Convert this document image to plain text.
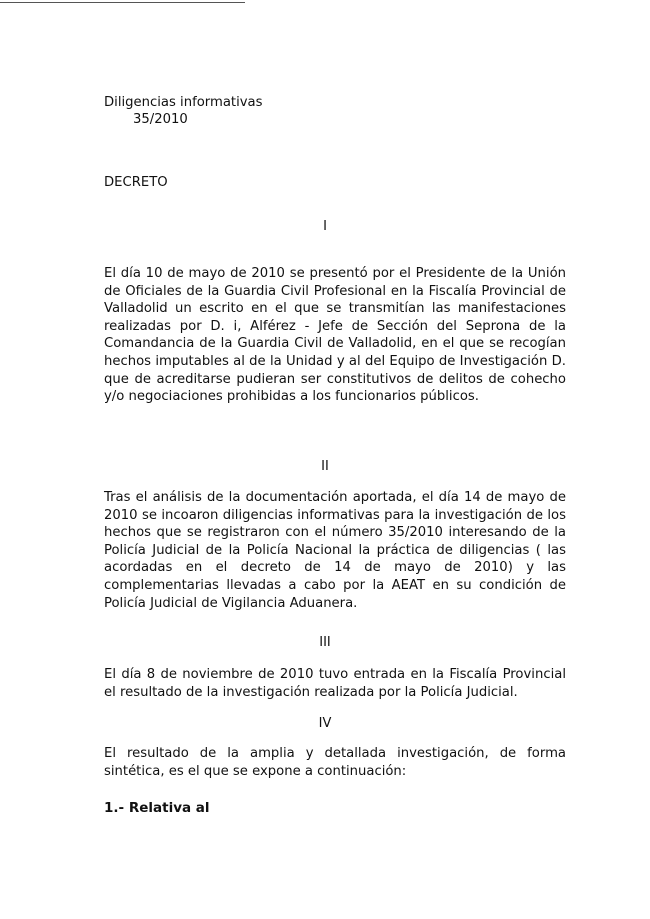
Diligencias informativas
35/2010
DECRETO
I

El día 10 de mayo de 2010 se presentó por el Presidente de la Unión de Oficiales de la Guardia Civil Profesional en la Fiscalía Provincial de Valladolid un escrito en el que se transmitían las manifestaciones realizadas por D. i, Alférez - Jefe de Sección del Seprona de la Comandancia de la Guardia Civil de Valladolid, en el que se recogían hechos imputables al de la Unidad y al del Equipo de Investigación D. que de acreditarse pudieran ser constitutivos de delitos de cohecho y/o negociaciones prohibidas a los funcionarios públicos.

II

Tras el análisis de la documentación aportada, el día 14 de mayo de 2010 se incoaron diligencias informativas para la investigación de los hechos que se registraron con el número 35/2010 interesando de la Policía Judicial de la Policía Nacional la práctica de diligencias ( las acordadas en el decreto de 14 de mayo de 2010) y las complementarias llevadas a cabo por la AEAT en su condición de Policía Judicial de Vigilancia Aduanera.

III

El día 8 de noviembre de 2010 tuvo entrada en la Fiscalía Provincial el resultado de la investigación realizada por la Policía Judicial.

IV

El resultado de la amplia y detallada investigación, de forma sintética, es el que se expone a continuación:

1.- Relativa al
